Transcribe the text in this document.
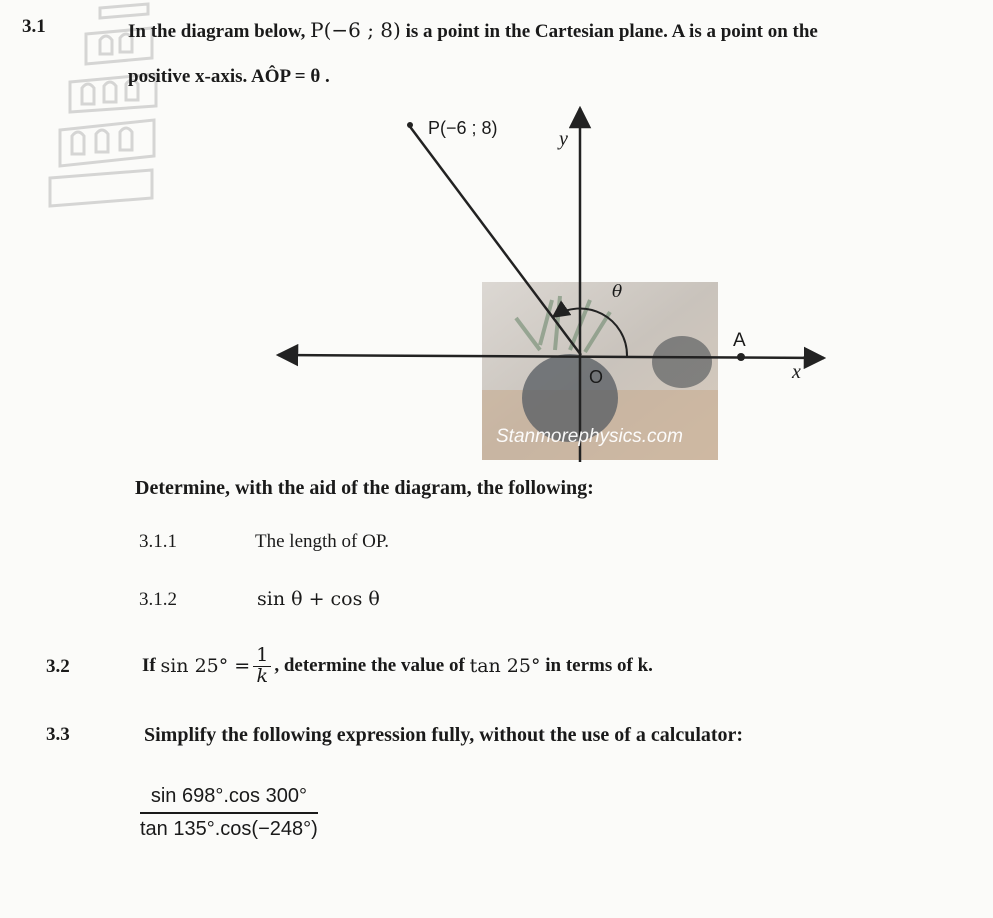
P(−6 ; 8)	y
θ
A
O	x
Stanmorephysics.com
3.1	In the diagram below, P(−6 ; 8) is a point in the Cartesian plane. A is a point on the
positive x-axis. AÔP = θ .
Determine, with the aid of the diagram, the following:
3.1.1	The length of OP.
3.1.2	sin θ + cos θ
3.2	If
$\sin 25^\circ = \frac{1}{k}$ , determine the value of
tan 25°
in terms of k.
3.3	Simplify the following expression fully, without the use of a calculator:
$\frac{\sin 698^\circ.\cos 300^\circ}{\tan 135^\circ.\cos(-248^\circ)}$
